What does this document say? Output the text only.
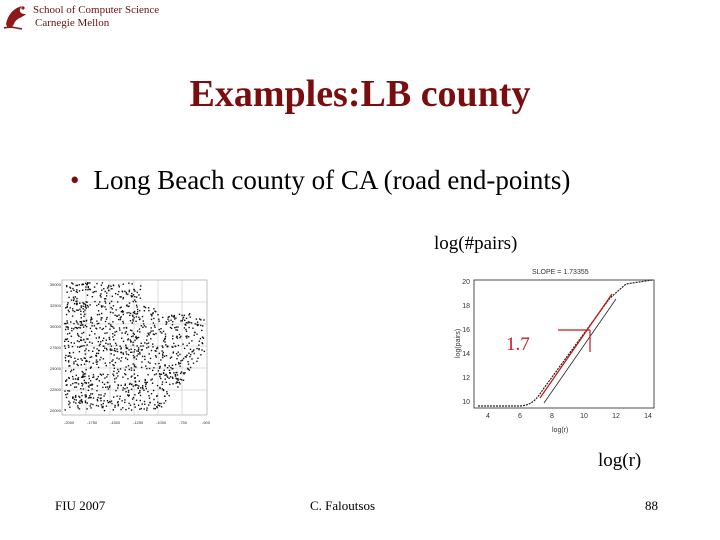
School of Computer Science
Carnegie Mellon
Examples:LB county
• Long Beach county of CA (road end-points)
35000
32500
30000
27500
25000
22500
20000
-2000	-1750	-1500	-1250	-1000	-750	-500
SLOPE = 1.73355
log(pairs)
log(r)
4	6	8	10	12	14
10
12
14
16
18
20
1.7
log(#pairs)
log(r)
FIU 2007	C. Faloutsos	88
